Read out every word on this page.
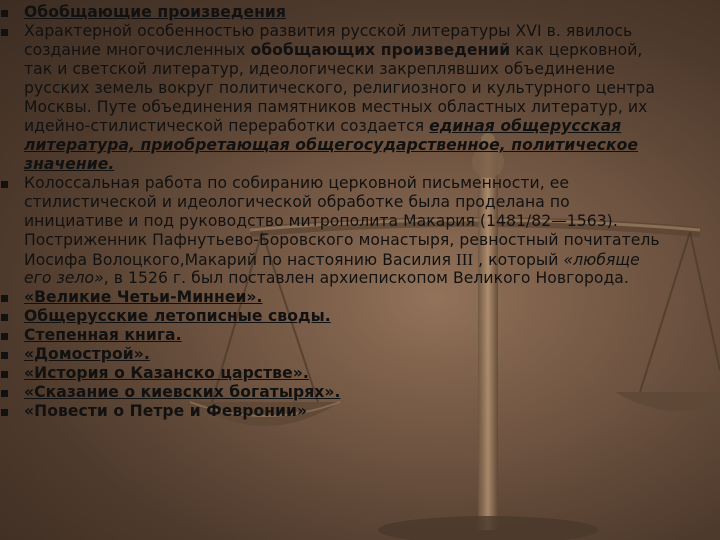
Обобщающие произведения
Характерной особенностью развития русской литературы XVI в. явилось
создание многочисленных обобщающих произведений как церковной,
так и светской литератур, идеологически закреплявших объединение
русских земель вокруг политического, религиозного и культурного центра
Москвы. Путе объединения памятников местных областных литератур, их
идейно-стилистической переработки создается единая общерусская
литература, приобретающая общегосударственное, политическое
значение.
Колоссальная работа по собиранию церковной письменности, ее
стилистической и идеологической обработке была проделана по
инициативе и под руководство митрополита Макария (1481/82—1563).
Постриженник Пафнутьево-Боровского монастыря, ревностный почитатель
Иосифа Волоцкого,Макарий по настоянию Василия III , который «любяще
его зело», в 1526 г. был поставлен архиепископом Великого Новгорода.
«Великие Четьи-Миннеи».
Общерусские летописные своды.
Степенная книга.
«Домострой».
«История о Казанско царстве».
«Сказание о киевских богатырях».
«Повести о Петре и Февронии»
